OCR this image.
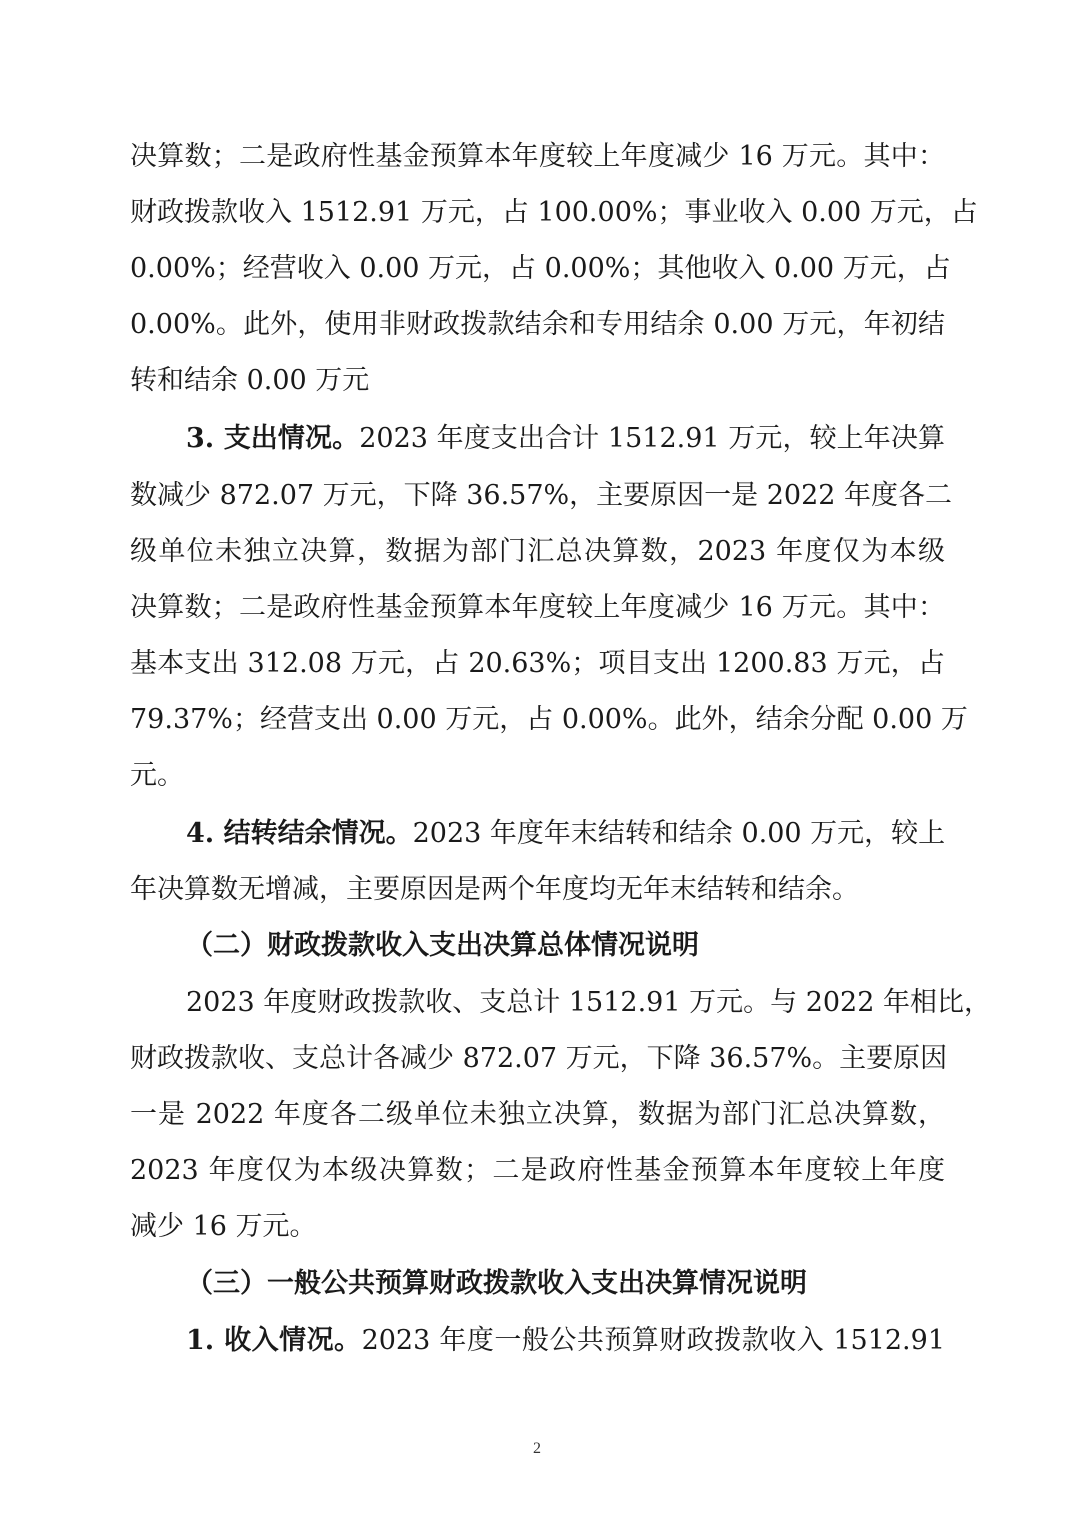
决算数；二是政府性基金预算本年度较上年度减少 16 万元。其中：
财政拨款收入 1512.91 万元，占 100.00%；事业收入 0.00 万元，占
0.00%；经营收入 0.00 万元，占 0.00%；其他收入 0.00 万元，占
0.00%。此外，使用非财政拨款结余和专用结余 0.00 万元，年初结
转和结余 0.00 万元
3. 支出情况。2023 年度支出合计 1512.91 万元，较上年决算
数减少 872.07 万元，下降 36.57%，主要原因一是 2022 年度各二
级单位未独立决算，数据为部门汇总决算数，2023 年度仅为本级
决算数；二是政府性基金预算本年度较上年度减少 16 万元。其中：
基本支出 312.08 万元，占 20.63%；项目支出 1200.83 万元，占
79.37%；经营支出 0.00 万元，占 0.00%。此外，结余分配 0.00 万
元。
4. 结转结余情况。2023 年度年末结转和结余 0.00 万元，较上
年决算数无增减，主要原因是两个年度均无年末结转和结余。
（二）财政拨款收入支出决算总体情况说明
2023 年度财政拨款收、支总计 1512.91 万元。与 2022 年相比，
财政拨款收、支总计各减少 872.07 万元，下降 36.57%。主要原因
一是 2022 年度各二级单位未独立决算，数据为部门汇总决算数，
2023 年度仅为本级决算数；二是政府性基金预算本年度较上年度
减少 16 万元。
（三）一般公共预算财政拨款收入支出决算情况说明
1. 收入情况。2023 年度一般公共预算财政拨款收入 1512.91
2
